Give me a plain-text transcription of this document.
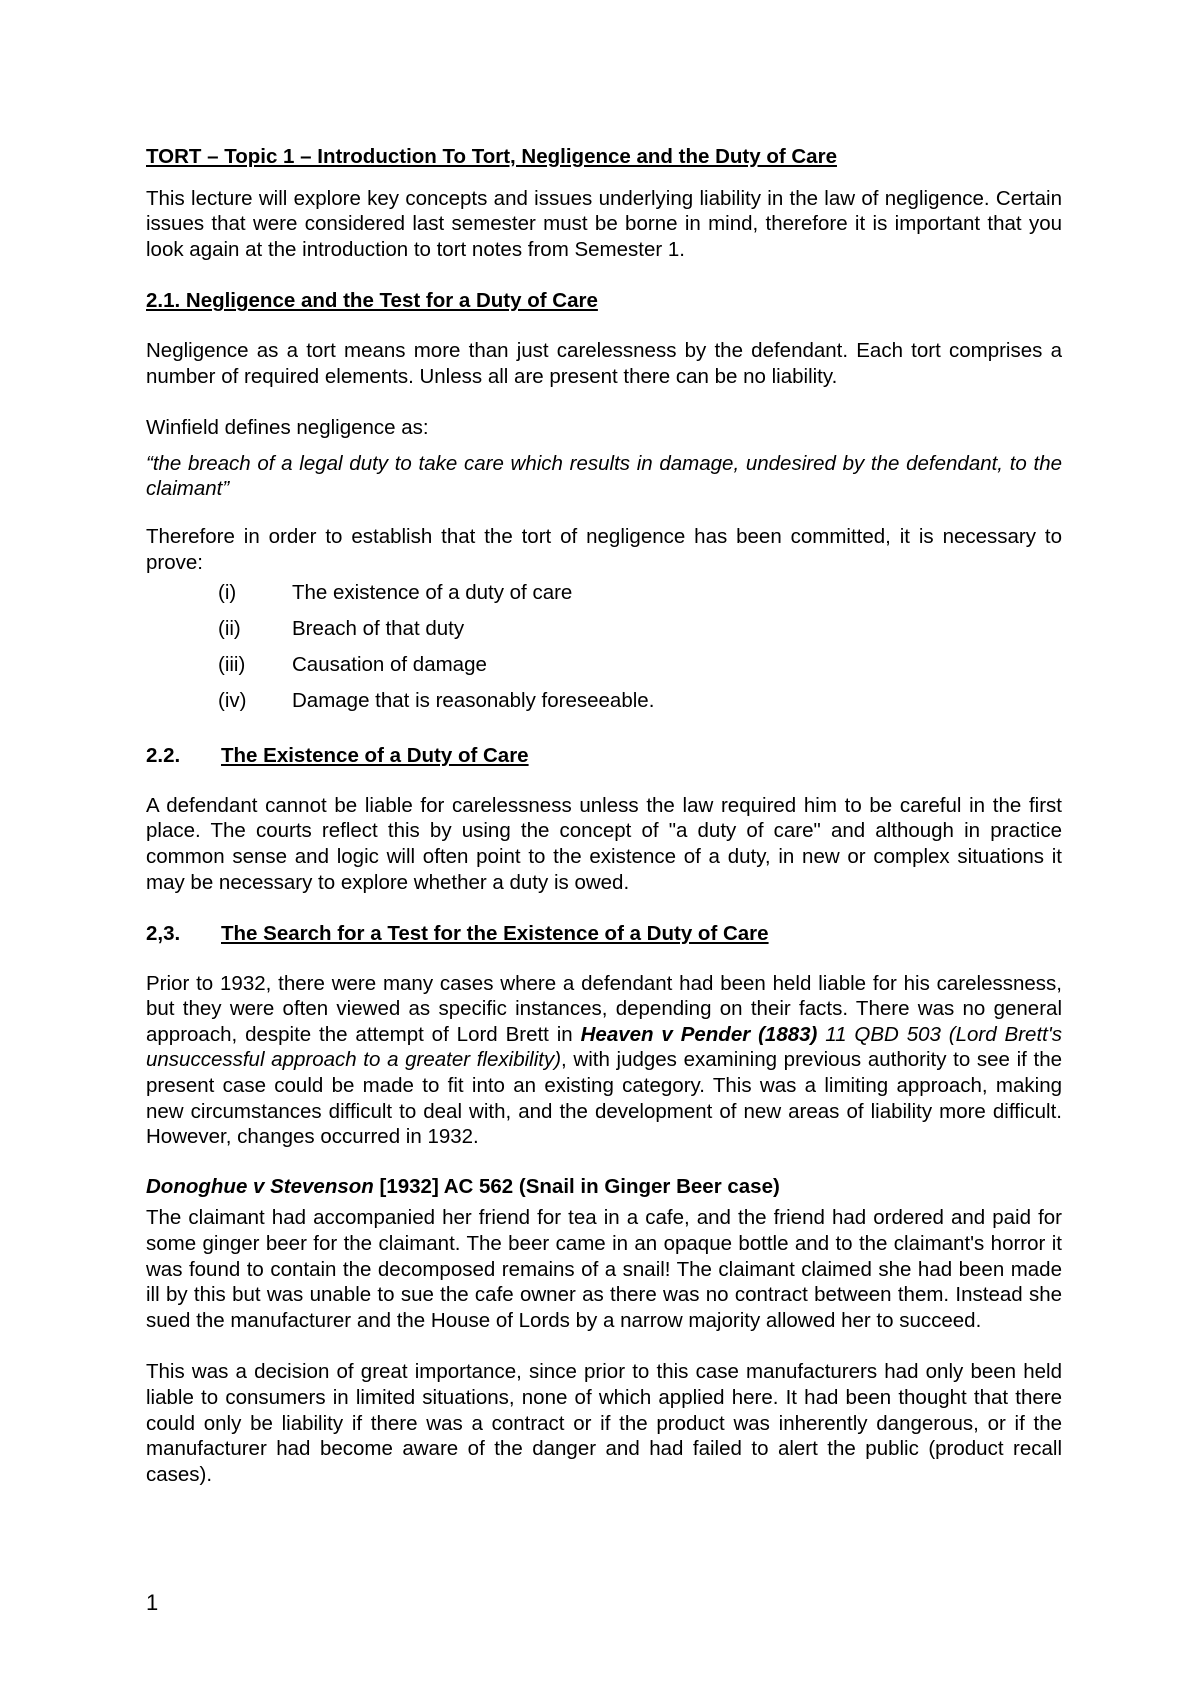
TORT – Topic 1 – Introduction To Tort, Negligence and the Duty of Care

This lecture will explore key concepts and issues underlying liability in the law of negligence. Certain issues that were considered last semester must be borne in mind, therefore it is important that you look again at the introduction to tort notes from Semester 1.

2.1. Negligence and the Test for a Duty of Care

Negligence as a tort means more than just carelessness by the defendant. Each tort comprises a number of required elements. Unless all are present there can be no liability.

Winfield defines negligence as:

“the breach of a legal duty to take care which results in damage, undesired by the defendant, to the claimant”

Therefore in order to establish that the tort of negligence has been committed, it is necessary to prove:

(i)	The existence of a duty of care
(ii)	Breach of that duty
(iii)	Causation of damage
(iv)	Damage that is reasonably foreseeable.

2.2. The Existence of a Duty of Care

A defendant cannot be liable for carelessness unless the law required him to be careful in the first place. The courts reflect this by using the concept of "a duty of care" and although in practice common sense and logic will often point to the existence of a duty, in new or complex situations it may be necessary to explore whether a duty is owed.

2,3. The Search for a Test for the Existence of a Duty of Care

Prior to 1932, there were many cases where a defendant had been held liable for his carelessness, but they were often viewed as specific instances, depending on their facts. There was no general approach, despite the attempt of Lord Brett in Heaven v Pender (1883) 11 QBD 503 (Lord Brett's unsuccessful approach to a greater flexibility), with judges examining previous authority to see if the present case could be made to fit into an existing category. This was a limiting approach, making new circumstances difficult to deal with, and the development of new areas of liability more difficult. However, changes occurred in 1932.

Donoghue v Stevenson [1932] AC 562 (Snail in Ginger Beer case)

The claimant had accompanied her friend for tea in a cafe, and the friend had ordered and paid for some ginger beer for the claimant. The beer came in an opaque bottle and to the claimant's horror it was found to contain the decomposed remains of a snail! The claimant claimed she had been made ill by this but was unable to sue the cafe owner as there was no contract between them. Instead she sued the manufacturer and the House of Lords by a narrow majority allowed her to succeed.

This was a decision of great importance, since prior to this case manufacturers had only been held liable to consumers in limited situations, none of which applied here. It had been thought that there could only be liability if there was a contract or if the product was inherently dangerous, or if the manufacturer had become aware of the danger and had failed to alert the public (product recall cases).

1
